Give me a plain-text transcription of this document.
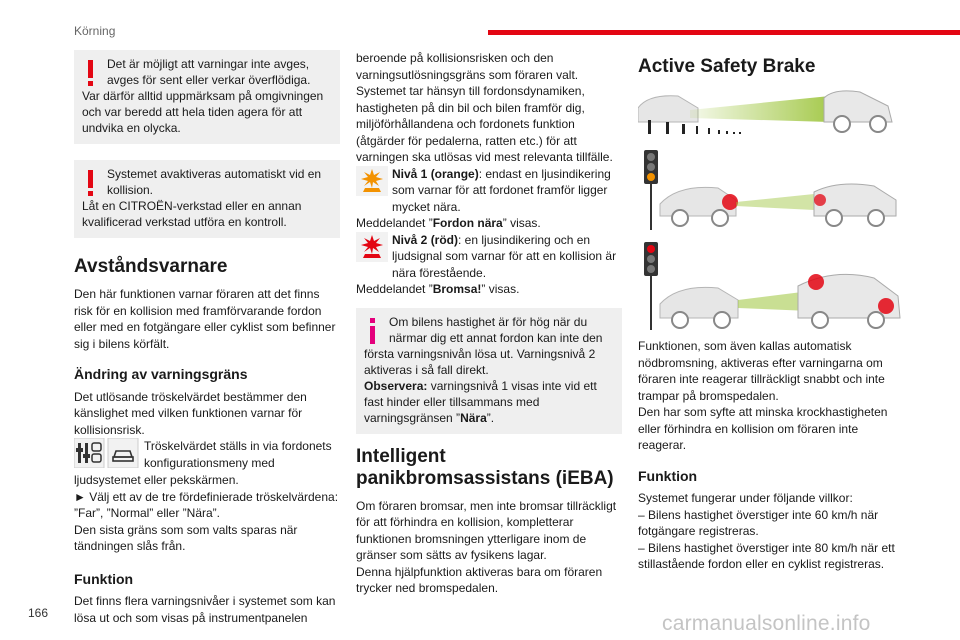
Körning
Det är möjligt att varningar inte avges,
avges för sent eller verkar överflödiga.

Var därför alltid uppmärksam på omgivningen och var beredd att hela tiden agera för att undvika en olycka.

Systemet avaktiveras automatiskt vid en
kollision.

Låt en CITROËN-verkstad eller en annan kvalificerad verkstad utföra en kontroll.

Avståndsvarnare

Den här funktionen varnar föraren att det finns risk för en kollision med framförvarande fordon eller med en fotgängare eller cyklist som befinner sig i bilens körfält.

Ändring av varningsgräns

Det utlösande tröskelvärdet bestämmer den känslighet med vilken funktionen varnar för kollisionsrisk.

Tröskelvärdet ställs in via fordonets konfigurationsmeny med

ljudsystemet eller pekskärmen.

► Välj ett av de tre fördefinierade tröskelvärdena: ”Far”, ”Normal” eller ”Nära”.

Den sista gräns som som valts sparas när tändningen slås från.

Funktion

Det finns flera varningsnivåer i systemet som kan lösa ut och som visas på instrumentpanelen

beroende på kollisionsrisken och den varningsutlösningsgräns som föraren valt.

Systemet tar hänsyn till fordonsdynamiken, hastigheten på din bil och bilen framför dig, miljöförhållandena och fordonets funktion (åtgärder för pedalerna, ratten etc.) för att varningen ska utlösas vid mest relevanta tillfälle.

Nivå 1 (orange): endast en ljusindikering som varnar för att fordonet framför ligger mycket nära.

Meddelandet ”Fordon nära” visas.

Nivå 2 (röd): en ljusindikering och en ljudsignal som varnar för att en kollision är nära förestående.

Meddelandet ”Bromsa!” visas.

Om bilens hastighet är för hög när du
närmar dig ett annat fordon kan inte den

första varningsnivån lösa ut. Varningsnivå 2 aktiveras i så fall direkt.

Observera: varningsnivå 1 visas inte vid ett fast hinder eller tillsammans med varningsgränsen ”Nära”.

Intelligent panikbromsassistans (iEBA)

Om föraren bromsar, men inte bromsar tillräckligt för att förhindra en kollision, kompletterar funktionen bromsningen ytterligare inom de gränser som sätts av fysikens lagar.

Denna hjälpfunktion aktiveras bara om föraren trycker ned bromspedalen.

Active Safety Brake

Funktionen, som även kallas automatisk nödbromsning, aktiveras efter varningarna om föraren inte reagerar tillräckligt snabbt och inte trampar på bromspedalen.

Den har som syfte att minska krockhastigheten eller förhindra en kollision om föraren inte reagerar.

Funktion

Systemet fungerar under följande villkor:

– Bilens hastighet överstiger inte 60 km/h när fotgängare registreras.

– Bilens hastighet överstiger inte 80 km/h när ett stillastående fordon eller en cyklist registreras.

166	carmanualsonline.info
